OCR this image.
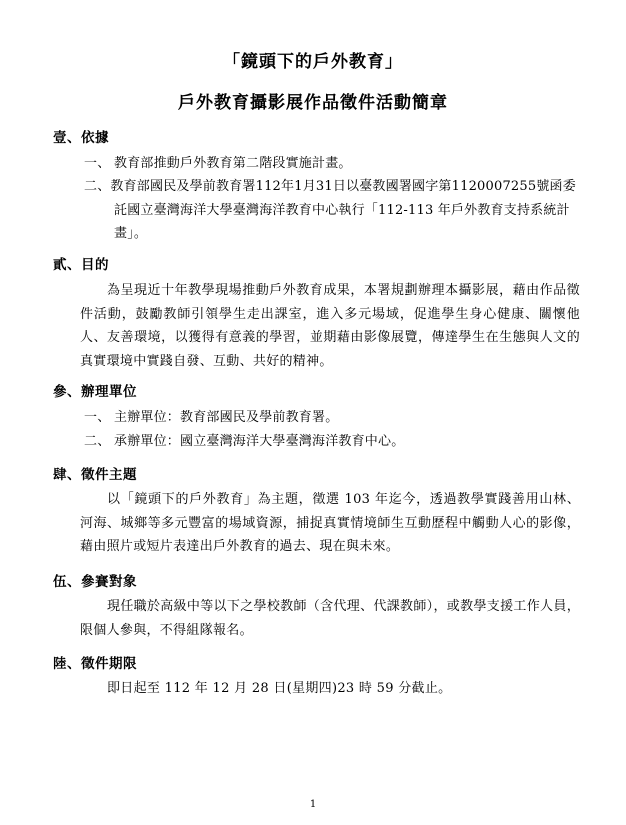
「鏡頭下的戶外教育」
戶外教育攝影展作品徵件活動簡章
壹、依據
一、 教育部推動戶外教育第二階段實施計畫。
二、教育部國民及學前教育署112年1月31日以臺教國署國字第1120007255號函委託國立臺灣海洋大學臺灣海洋教育中心執行「112-113 年戶外教育支持系統計畫」。
貳、目的
為呈現近十年教學現場推動戶外教育成果，本署規劃辦理本攝影展，藉由作品徵件活動，鼓勵教師引領學生走出課室，進入多元場域，促進學生身心健康、關懷他人、友善環境，以獲得有意義的學習，並期藉由影像展覽，傳達學生在生態與人文的真實環境中實踐自發、互動、共好的精神。
參、辦理單位
一、 主辦單位：教育部國民及學前教育署。
二、 承辦單位：國立臺灣海洋大學臺灣海洋教育中心。
肆、徵件主題
以「鏡頭下的戶外教育」為主題，徵選 103 年迄今，透過教學實踐善用山林、河海、城鄉等多元豐富的場域資源，捕捉真實情境師生互動歷程中觸動人心的影像，藉由照片或短片表達出戶外教育的過去、現在與未來。
伍、參賽對象
現任職於高級中等以下之學校教師（含代理、代課教師），或教學支援工作人員，限個人參與，不得組隊報名。
陸、徵件期限
即日起至 112 年 12 月 28 日(星期四)23 時 59 分截止。
1
